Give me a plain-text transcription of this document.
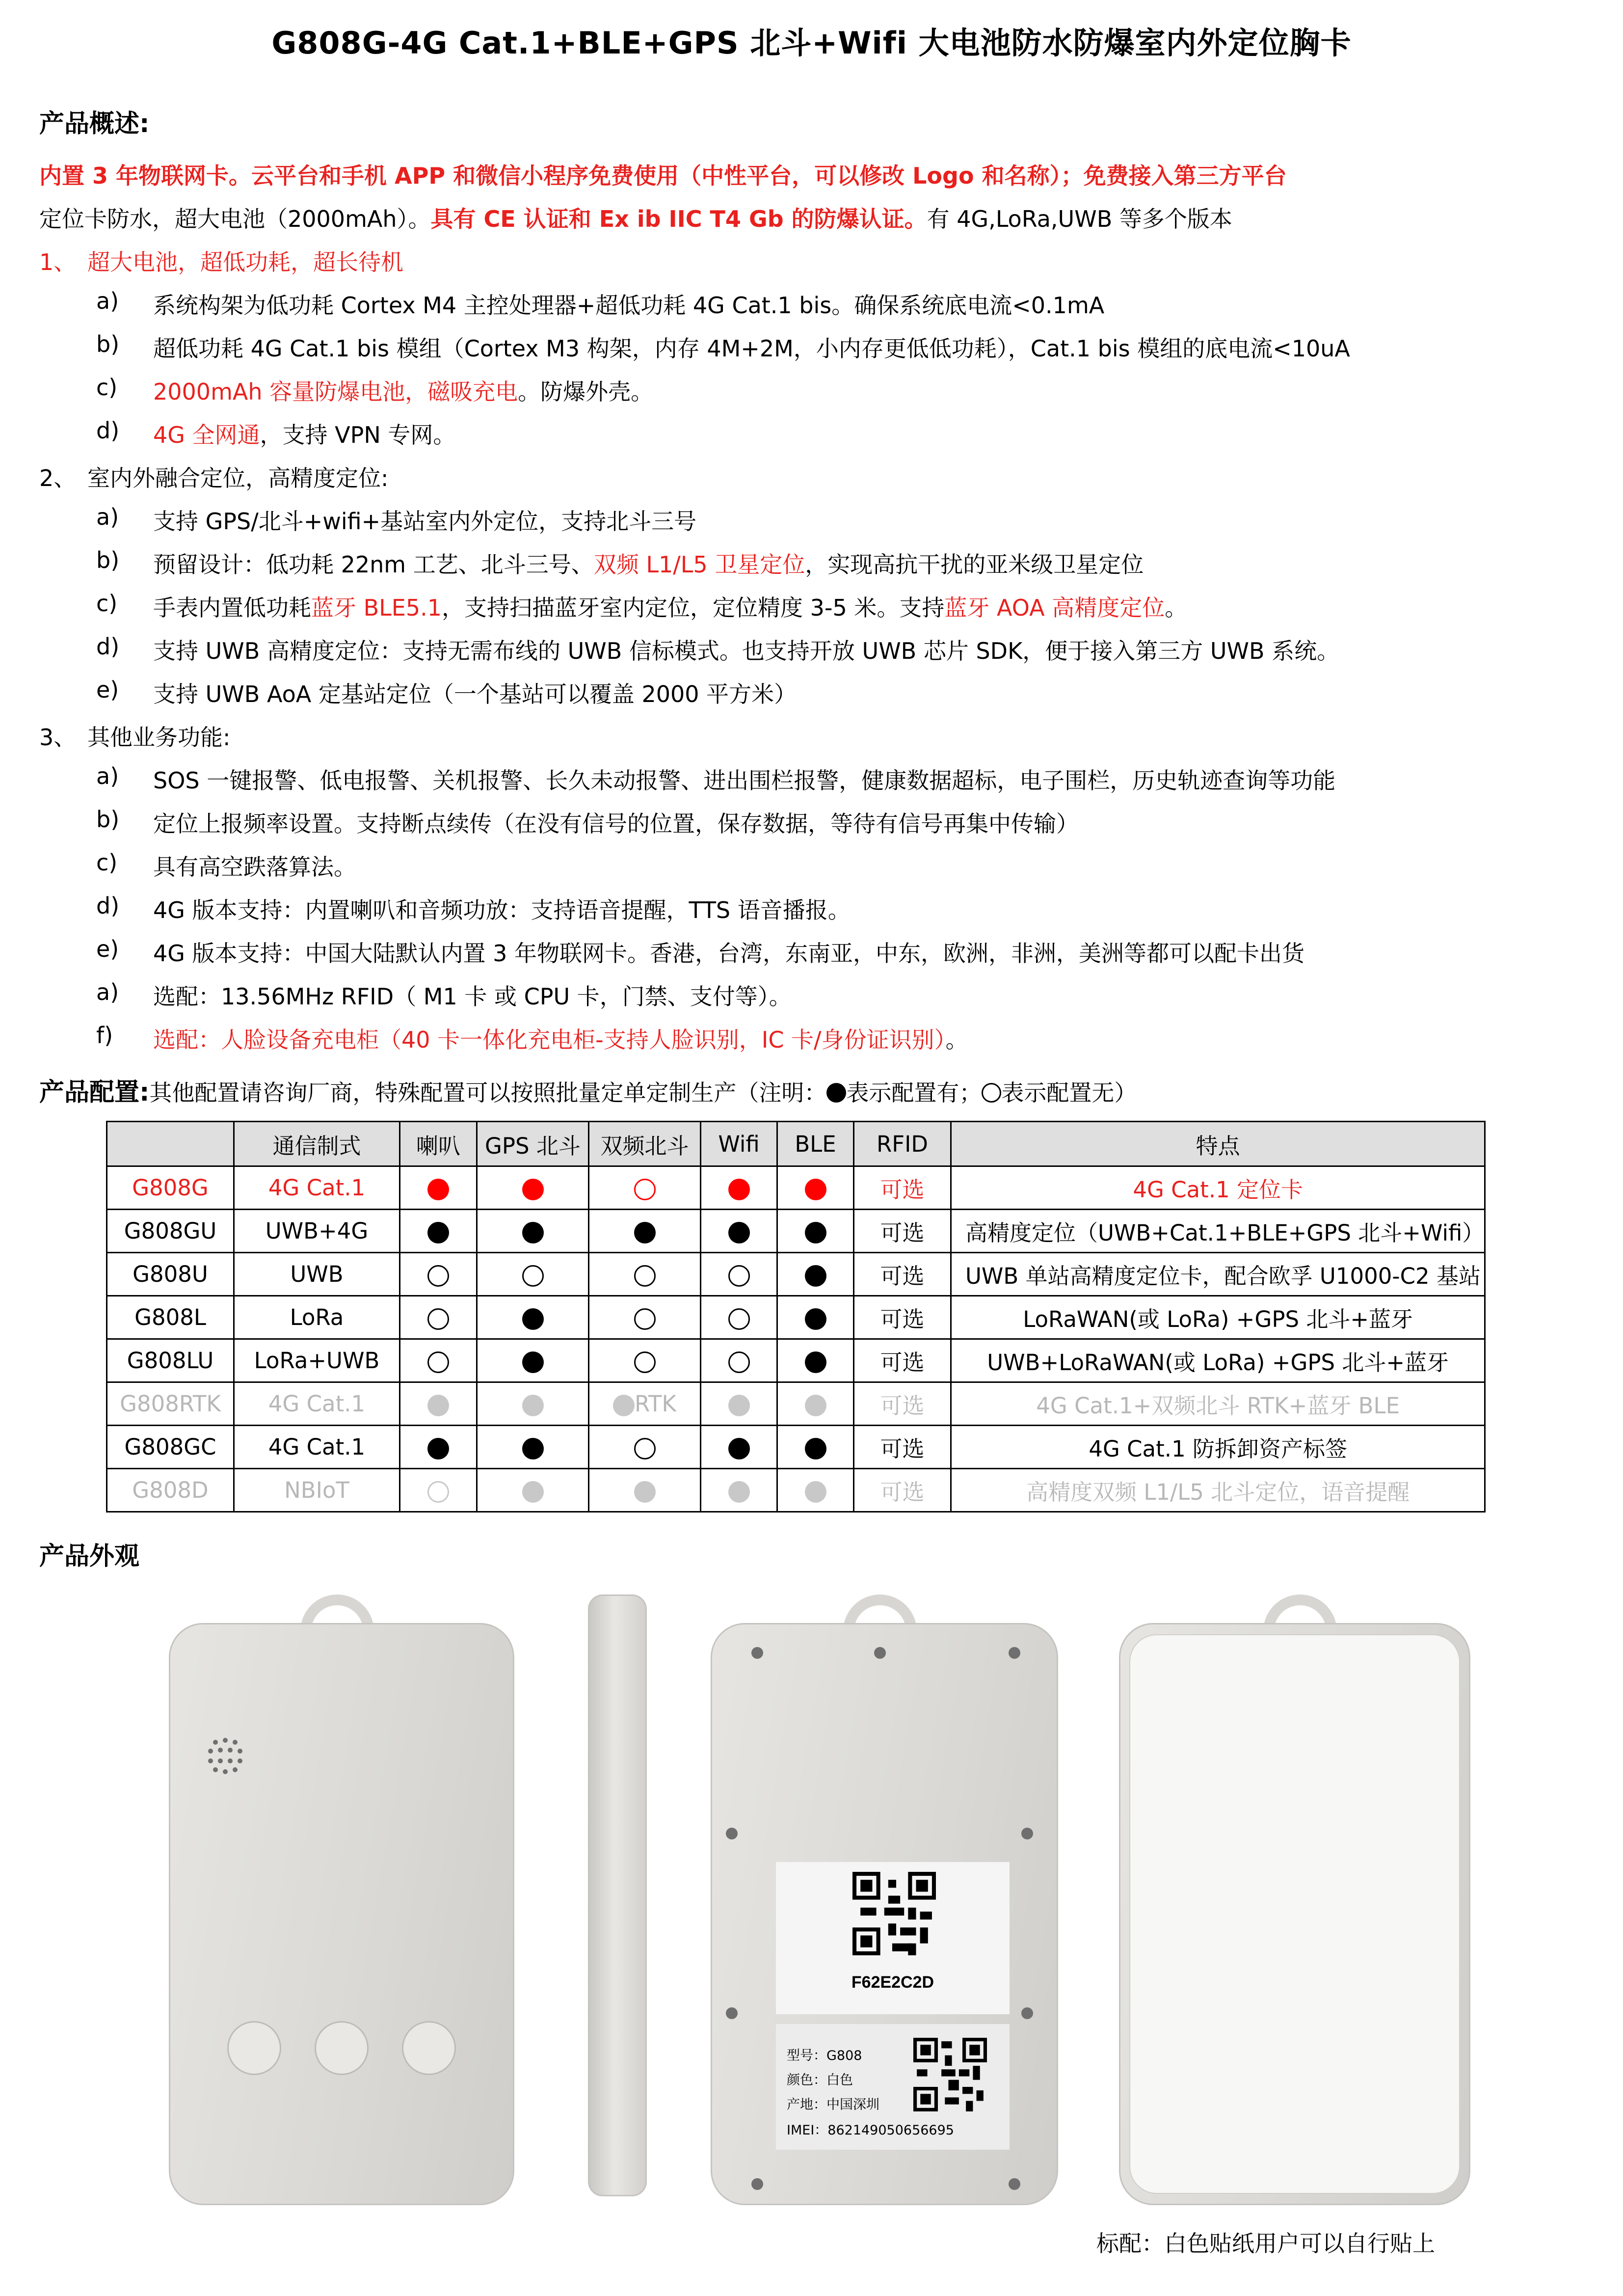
G808G-4G Cat.1+BLE+GPS 北斗+Wifi 大电池防水防爆室内外定位胸卡
产品概述:
内置 3 年物联网卡。云平台和手机 APP 和微信小程序免费使用（中性平台，可以修改 Logo 和名称）；免费接入第三方平台
定位卡防水，超大电池（2000mAh）。具有 CE 认证和 Ex ib IIC T4 Gb 的防爆认证。有 4G,LoRa,UWB 等多个版本
1、 超大电池，超低功耗，超长待机
a) 系统构架为低功耗 Cortex M4 主控处理器+超低功耗 4G Cat.1 bis。确保系统底电流<0.1mA
b) 超低功耗 4G Cat.1 bis 模组（Cortex M3 构架，内存 4M+2M，小内存更低低功耗），Cat.1 bis 模组的底电流<10uA
c) 2000mAh 容量防爆电池，磁吸充电。防爆外壳。
d) 4G 全网通，支持 VPN 专网。
2、 室内外融合定位，高精度定位:
a) 支持 GPS/北斗+wifi+基站室内外定位，支持北斗三号
b) 预留设计：低功耗 22nm 工艺、北斗三号、双频 L1/L5 卫星定位，实现高抗干扰的亚米级卫星定位
c) 手表内置低功耗蓝牙 BLE5.1，支持扫描蓝牙室内定位，定位精度 3-5 米。支持蓝牙 AOA 高精度定位。
d) 支持 UWB 高精度定位：支持无需布线的 UWB 信标模式。也支持开放 UWB 芯片 SDK，便于接入第三方 UWB 系统。
e) 支持 UWB AoA 定基站定位（一个基站可以覆盖 2000 平方米）
3、 其他业务功能:
a) SOS 一键报警、低电报警、关机报警、长久未动报警、进出围栏报警，健康数据超标，电子围栏，历史轨迹查询等功能
b) 定位上报频率设置。支持断点续传（在没有信号的位置，保存数据，等待有信号再集中传输）
c) 具有高空跌落算法。
d) 4G 版本支持：内置喇叭和音频功放：支持语音提醒，TTS 语音播报。
e) 4G 版本支持：中国大陆默认内置 3 年物联网卡。香港，台湾，东南亚，中东，欧洲，非洲，美洲等都可以配卡出货
a) 选配：13.56MHz RFID（ M1 卡 或 CPU 卡，门禁、支付等）。
f) 选配：人脸设备充电柜（40 卡一体化充电柜-支持人脸识别，IC 卡/身份证识别）。
产品配置:其他配置请咨询厂商，特殊配置可以按照批量定单定制生产（注明： 表示配置有； 表示配置无）
	通信制式	喇叭	GPS 北斗	双频北斗	Wifi	BLE	RFID	特点
G808G	4G Cat.1						可选	4G Cat.1 定位卡
G808GU	UWB+4G						可选	高精度定位（UWB+Cat.1+BLE+GPS 北斗+Wifi）
G808U	UWB						可选	UWB 单站高精度定位卡，配合欧孚 U1000-C2 基站
G808L	LoRa						可选	LoRaWAN(或 LoRa) +GPS 北斗+蓝牙
G808LU	LoRa+UWB						可选	UWB+LoRaWAN(或 LoRa) +GPS 北斗+蓝牙
G808RTK	4G Cat.1			RTK			可选	4G Cat.1+双频北斗 RTK+蓝牙 BLE
G808GC	4G Cat.1						可选	4G Cat.1 防拆卸资产标签
G808D	NBIoT						可选	高精度双频 L1/L5 北斗定位，语音提醒
产品外观
F62E2C2D
型号：G808
颜色：白色
产地：中国深圳
IMEI：862149050656695
标配：白色贴纸用户可以自行贴上
